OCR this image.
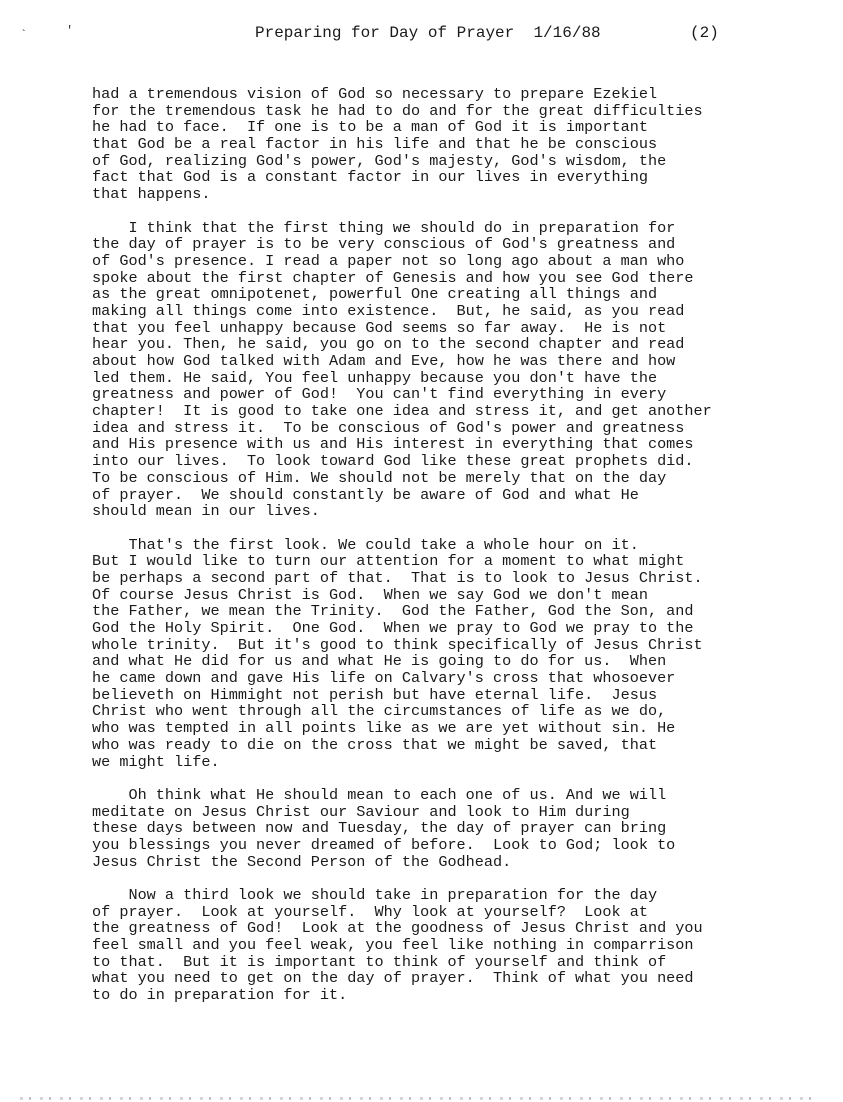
Preparing for Day of Prayer  1/16/88	(2)
`	'
had a tremendous vision of God so necessary to prepare Ezekiel
for the tremendous task he had to do and for the great difficulties
he had to face.  If one is to be a man of God it is important
that God be a real factor in his life and that he be conscious
of God, realizing God's power, God's majesty, God's wisdom, the
fact that God is a constant factor in our lives in everything
that happens.
I think that the first thing we should do in preparation for
the day of prayer is to be very conscious of God's greatness and
of God's presence. I read a paper not so long ago about a man who
spoke about the first chapter of Genesis and how you see God there
as the great omnipotenet, powerful One creating all things and
making all things come into existence.  But, he said, as you read
that you feel unhappy because God seems so far away.  He is not
hear you. Then, he said, you go on to the second chapter and read
about how God talked with Adam and Eve, how he was there and how
led them. He said, You feel unhappy because you don't have the
greatness and power of God!  You can't find everything in every
chapter!  It is good to take one idea and stress it, and get another
idea and stress it.  To be conscious of God's power and greatness
and His presence with us and His interest in everything that comes
into our lives.  To look toward God like these great prophets did.
To be conscious of Him. We should not be merely that on the day
of prayer.  We should constantly be aware of God and what He
should mean in our lives.
That's the first look. We could take a whole hour on it.
But I would like to turn our attention for a moment to what might
be perhaps a second part of that.  That is to look to Jesus Christ.
Of course Jesus Christ is God.  When we say God we don't mean
the Father, we mean the Trinity.  God the Father, God the Son, and
God the Holy Spirit.  One God.  When we pray to God we pray to the
whole trinity.  But it's good to think specifically of Jesus Christ
and what He did for us and what He is going to do for us.  When
he came down and gave His life on Calvary's cross that whosoever
believeth on Himmight not perish but have eternal life.  Jesus
Christ who went through all the circumstances of life as we do,
who was tempted in all points like as we are yet without sin. He
who was ready to die on the cross that we might be saved, that
we might life.
Oh think what He should mean to each one of us. And we will
meditate on Jesus Christ our Saviour and look to Him during
these days between now and Tuesday, the day of prayer can bring
you blessings you never dreamed of before.  Look to God; look to
Jesus Christ the Second Person of the Godhead.
Now a third look we should take in preparation for the day
of prayer.  Look at yourself.  Why look at yourself?  Look at
the greatness of God!  Look at the goodness of Jesus Christ and you
feel small and you feel weak, you feel like nothing in comparrison
to that.  But it is important to think of yourself and think of
what you need to get on the day of prayer.  Think of what you need
to do in preparation for it.
